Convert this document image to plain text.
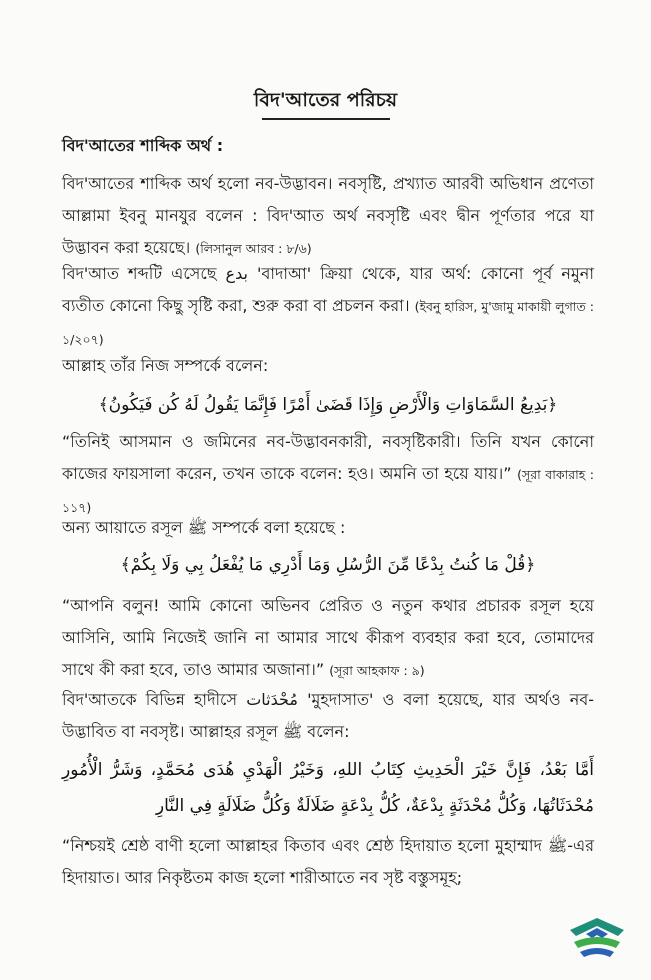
বিদ'আতের পরিচয়
বিদ'আতের শাব্দিক অর্থ :
বিদ'আতের শাব্দিক অর্থ হলো নব-উদ্ভাবন। নবসৃষ্টি, প্রখ্যাত আরবী অভিধান প্রণেতা আল্লামা ইবনু মানযুর বলেন : বিদ'আত অর্থ নবসৃষ্টি এবং দ্বীন পূর্ণতার পরে যা উদ্ভাবন করা হয়েছে। (লিসানুল আরব : ৮/৬)
বিদ'আত শব্দটি এসেছে بدع 'বাদাআ' ক্রিয়া থেকে, যার অর্থ: কোনো পূর্ব নমুনা ব্যতীত কোনো কিছু সৃষ্টি করা, শুরু করা বা প্রচলন করা। (ইবনু হারিস, মু'জামু মাকায়ী লুগাত : ১/২০৭)
আল্লাহ তাঁর নিজ সম্পর্কে বলেন:
﴿بَدِيعُ السَّمَاوَاتِ وَالْأَرْضِ وَإِذَا قَضَىٰ أَمْرًا فَإِنَّمَا يَقُولُ لَهُ كُن فَيَكُونُ﴾
“তিনিই আসমান ও জমিনের নব-উদ্ভাবনকারী, নবসৃষ্টিকারী। তিনি যখন কোনো কাজের ফায়সালা করেন, তখন তাকে বলেন: হও। অমনি তা হয়ে যায়।” (সূরা বাকারাহ : ১১৭)
অন্য আয়াতে রসূল ﷺ সম্পর্কে বলা হয়েছে :
﴿قُلْ مَا كُنتُ بِدْعًا مِّنَ الرُّسُلِ وَمَا أَدْرِي مَا يُفْعَلُ بِي وَلَا بِكُمْ﴾
“আপনি বলুন! আমি কোনো অভিনব প্রেরিত ও নতুন কথার প্রচারক রসূল হয়ে আসিনি, আমি নিজেই জানি না আমার সাথে কীরূপ ব্যবহার করা হবে, তোমাদের সাথে কী করা হবে, তাও আমার অজানা।” (সূরা আহকাফ : ৯)
বিদ'আতকে বিভিন্ন হাদীসে مُحْدَثات 'মুহদাসাত' ও বলা হয়েছে, যার অর্থও নব-উদ্ভাবিত বা নবসৃষ্ট। আল্লাহর রসূল ﷺ বলেন:
أَمَّا بَعْدُ، فَإِنَّ خَيْرَ الْحَدِيثِ كِتَابُ اللهِ، وَخَيْرُ الْهَدْيِ هُدَى مُحَمَّدٍ، وَشَرُّ الْأُمُورِ مُحْدَثَاتُهَا، وَكُلُّ مُحْدَثَةٍ بِدْعَةٌ، كُلُّ بِدْعَةٍ ضَلَالَةٌ وَكُلُّ ضَلَالَةٍ فِي النَّارِ
“নিশ্চয়ই শ্রেষ্ঠ বাণী হলো আল্লাহর কিতাব এবং শ্রেষ্ঠ হিদায়াত হলো মুহাম্মাদ ﷺ-এর হিদায়াত। আর নিকৃষ্টতম কাজ হলো শারীআতে নব সৃষ্ট বস্তুসমূহ;
